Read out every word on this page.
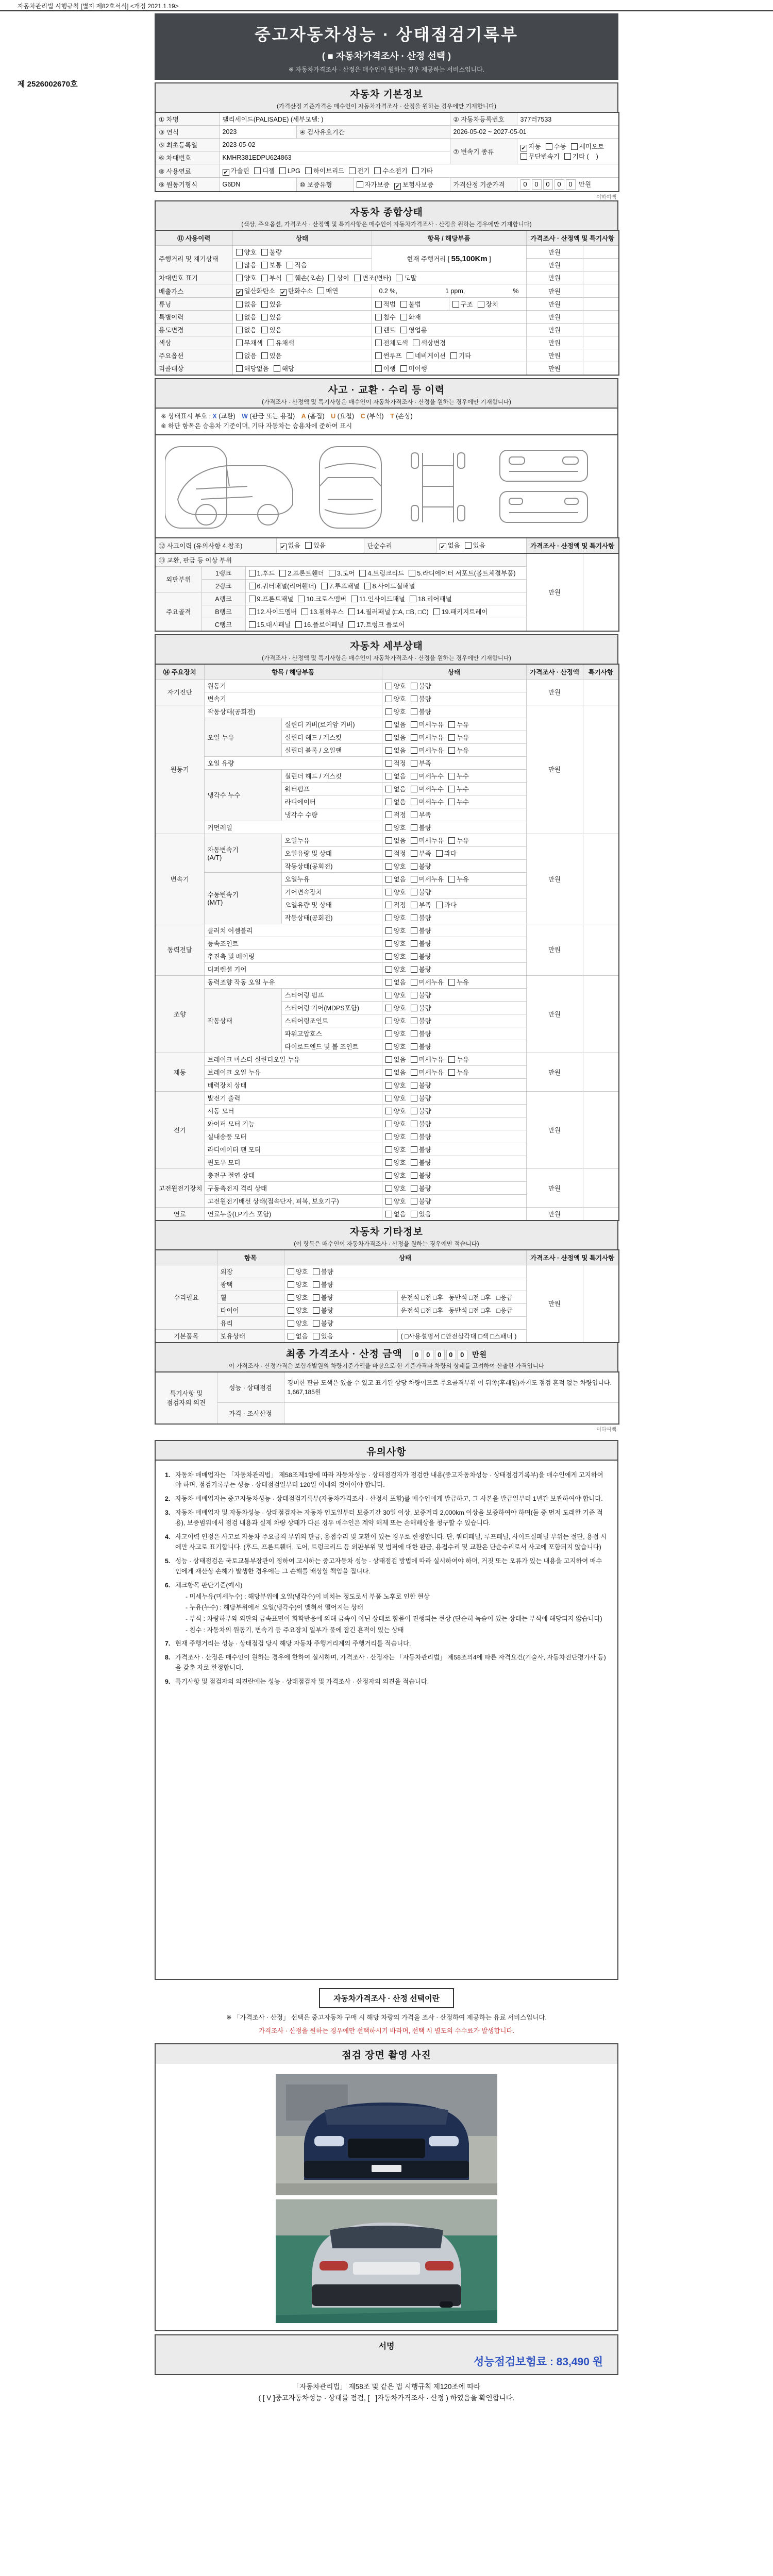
자동차관리법 시행규칙 [별지 제82호서식] <개정 2021.1.19>
제 2526002670호
중고자동차성능 · 상태점검기록부
( ■ 자동차가격조사 · 산정 선택 )
※ 자동차가격조사 · 산정은 매수인이 원하는 경우 제공하는 서비스입니다.
자동차 기본정보
(가격산정 기준가격은 매수인이 자동차가격조사 · 산정을 원하는 경우에만 기재합니다)
① 차명	팰리세이드(PALISADE) (세부모델: )			② 자동차등록번호	377러7533
③ 연식	2023	④ 검사유효기간		2026-05-02 ~ 2027-05-01	
⑤ 최초등록일	2023-05-02			⑦ 변속기 종류	✔ 자동 수동 세미오토무단변속기 기타 (    )
⑥ 차대번호	KMHR381EDPU624863				
⑧ 사용연료	✔ 가솔린 디젤 LPG 하이브리드 전기 수소전기 기타				
⑨ 원동기형식	G6DN	⑩ 보증유형	자가보증 ✔ 보험사보증	가격산정 기준가격	0 0 0 0 0 만원
이하여백
자동차 종합상태
(색상, 주요옵션, 가격조사 · 산정액 및 특기사항은 매수인이 자동차가격조사 · 산정을 원하는 경우에만 기재합니다)
⑪ 사용이력	상태	항목 / 해당부품		가격조사 · 산정액 및 특기사항	
주행거리 및 계기상태	양호 불량	현재 주행거리 [ 55,100Km ]		만원	
	많음 보통 적음			만원	
차대번호 표기	양호 부식 훼손(오손) 상이 변조(변타) 도말			만원	
배출가스	✔ 일산화탄소 ✔ 탄화수소 매연	0.2 %, 1 ppm, %		만원	
튜닝	없음 있음	적법 불법	구조 장치	만원	
특별이력	없음 있음	침수 화재		만원	
용도변경	없음 있음	렌트 영업용		만원	
색상	무채색 유채색	전체도색 색상변경		만원	
주요옵션	없음 있음	썬루프 네비게이션 기타		만원	
리콜대상	해당없음 해당	이행 미이행		만원	
사고 · 교환 · 수리 등 이력
(가격조사 · 산정액 및 특기사항은 매수인이 자동차가격조사 · 산정을 원하는 경우에만 기재합니다)
※ 상태표시 부호 : X (교환) W (판금 또는 용접) A (흠집) U (요철) C (부식) T (손상)
※ 하단 항목은 승용차 기준이며, 기타 자동차는 승용차에 준하여 표시
⑫ 사고이력 (유의사항 4.참조)	✔ 없음 있음	단순수리	✔ 없음 있음	가격조사 · 산정액 및 특기사항
⑬ 교환, 판금 등 이상 부위			만원	
외판부위	1랭크	1.후드 2.프론트휀더 3.도어 4.트렁크리드 5.라디에이터 서포트(볼트체결부품)		
	2랭크	6.쿼터패널(리어휀더) 7.루프패널 8.사이드실패널		
주요골격	A랭크	9.프론트패널 10.크로스멤버 11.인사이드패널 18.리어패널		
	B랭크	12.사이드멤버 13.휠하우스 14.필러패널 (□A, □B, □C) 19.패키지트레이		
	C랭크	15.대시패널 16.플로어패널 17.트렁크 플로어		
자동차 세부상태
(가격조사 · 산정액 및 특기사항은 매수인이 자동차가격조사 · 산정을 원하는 경우에만 기재합니다)
⑭ 주요장치	항목 / 해당부품		상태	가격조사 · 산정액	특기사항
자기진단	원동기		양호 불량	만원	
	변속기		양호 불량		
원동기	작동상태(공회전)		양호 불량	만원	
	오일 누유	실린더 커버(로커암 커버)	없음 미세누유 누유		
		실린더 헤드 / 개스킷	없음 미세누유 누유		
		실린더 블록 / 오일팬	없음 미세누유 누유		
	오일 유량		적정 부족		
	냉각수 누수	실린더 헤드 / 개스킷	없음 미세누수 누수		
		워터펌프	없음 미세누수 누수		
		라디에이터	없음 미세누수 누수		
		냉각수 수량	적정 부족		
	커먼레일		양호 불량		
변속기	자동변속기
(A/T)	오일누유	없음 미세누유 누유	만원	
		오일유량 및 상태	적정 부족 과다		
		작동상태(공회전)	양호 불량		
	수동변속기
(M/T)	오일누유	없음 미세누유 누유		
		기어변속장치	양호 불량		
		오일유량 및 상태	적정 부족 과다		
		작동상태(공회전)	양호 불량		
동력전달	클러치 어셈블리		양호 불량	만원	
	등속조인트		양호 불량		
	추진축 및 베어링		양호 불량		
	디퍼렌셜 기어		양호 불량		
조향	동력조향 작동 오일 누유		없음 미세누유 누유	만원	
	작동상태	스티어링 펌프	양호 불량		
		스티어링 기어(MDPS포함)	양호 불량		
		스티어링조인트	양호 불량		
		파워고압호스	양호 불량		
		타이로드엔드 및 볼 조인트	양호 불량		
제동	브레이크 마스터 실린더오일 누유		없음 미세누유 누유	만원	
	브레이크 오일 누유		없음 미세누유 누유		
	배력장치 상태		양호 불량		
전기	발전기 출력		양호 불량	만원	
	시동 모터		양호 불량		
	와이퍼 모터 기능		양호 불량		
	실내송풍 모터		양호 불량		
	라디에이터 팬 모터		양호 불량		
	윈도우 모터		양호 불량		
고전원전기장치	충전구 절연 상태		양호 불량	만원	
	구동축전지 격리 상태		양호 불량		
	고전원전기배선 상태(접속단자, 피복, 보호기구)		양호 불량		
연료	연료누출(LP가스 포함)		없음 있음	만원	
자동차 기타정보
(이 항목은 매수인이 자동차가격조사 · 산정을 원하는 경우에만 적습니다)
	항목	상태		가격조사 · 산정액 및 특기사항	
수리필요	외장	양호 불량		만원	
	광택	양호 불량			
	휠	양호 불량	운전석 □전 □후   동반석 □전 □후   □응급		
	타이어	양호 불량	운전석 □전 □후   동반석 □전 □후   □응급		
	유리	양호 불량			
기본품목	보유상태	없음 있음	( □사용설명서 □안전삼각대 □잭 □스패너 )		
최종 가격조사 · 산정 금액 0 0 0 0 0 만원
이 가격조사 · 산정가격은 보험개발원의 차량기준가액을 바탕으로 한 기준가격과 차량의 상태를 고려하여 산출한 가격입니다
특기사항 및 점검자의 의견	성능 · 상태점검	경미한 판금 도색은 있을 수 있고 표기된 상당 차량이므로 주요골격부위 이 뒤쪽(후레임)까지도 점검 흔적 없는 차량입니다. 1,667,185원
	가격 · 조사산정	
이하여백
유의사항
1. 자동차 매매업자는 「자동차관리법」 제58조제1항에 따라 자동차성능 · 상태점검자가 점검한 내용(중고자동차성능 · 상태점검기록부)을 매수인에게 고지하여야 하며, 점검기록부는 성능 · 상태점검일부터 120일 이내의 것이어야 합니다.
2. 자동차 매매업자는 중고자동차성능 · 상태점검기록부(자동차가격조사 · 산정서 포함)를 매수인에게 발급하고, 그 사본을 발급일부터 1년간 보관하여야 합니다.
3. 자동차 매매업자 및 자동차성능 · 상태점검자는 자동차 인도일부터 보증기간 30일 이상, 보증거리 2,000km 이상을 보증하여야 하며(둘 중 먼저 도래한 기준 적용), 보증범위에서 점검 내용과 실제 차량 상태가 다른 경우 매수인은 계약 해제 또는 손해배상을 청구할 수 있습니다.
4. 사고이력 인정은 사고로 자동차 주요골격 부위의 판금, 용접수리 및 교환이 있는 경우로 한정합니다. 단, 쿼터패널, 루프패널, 사이드실패널 부위는 절단, 용접 시에만 사고로 표기합니다. (후드, 프론트휀더, 도어, 트렁크리드 등 외판부위 및 범퍼에 대한 판금, 용접수리 및 교환은 단순수리로서 사고에 포함되지 않습니다)
5. 성능 · 상태점검은 국토교통부장관이 정하여 고시하는 중고자동차 성능 · 상태점검 방법에 따라 실시하여야 하며, 거짓 또는 오류가 있는 내용을 고지하여 매수인에게 재산상 손해가 발생한 경우에는 그 손해를 배상할 책임을 집니다.
6. 체크항목 판단기준(예시)
- 미세누유(미세누수) : 해당부위에 오일(냉각수)이 비치는 정도로서 부품 노후로 인한 현상
- 누유(누수) : 해당부위에서 오일(냉각수)이 맺혀서 떨어지는 상태
- 부식 : 차량하부와 외판의 금속표면이 화학반응에 의해 금속이 아닌 상태로 함몰이 진행되는 현상 (단순히 녹슬어 있는 상태는 부식에 해당되지 않습니다)
- 침수 : 자동차의 원동기, 변속기 등 주요장치 일부가 물에 잠긴 흔적이 있는 상태
7. 현재 주행거리는 성능 · 상태점검 당시 해당 자동차 주행거리계의 주행거리를 적습니다.
8. 가격조사 · 산정은 매수인이 원하는 경우에 한하여 실시하며, 가격조사 · 산정자는 「자동차관리법」 제58조의4에 따른 자격요건(기술사, 자동차진단평가사 등)을 갖춘 자로 한정합니다.
9. 특기사항 및 점검자의 의견란에는 성능 · 상태점검자 및 가격조사 · 산정자의 의견을 적습니다.
자동차가격조사 · 산정 선택이란
※ 「가격조사 · 산정」 선택은 중고자동차 구매 시 해당 차량의 가격을 조사 · 산정하여 제공하는 유료 서비스입니다.
가격조사 · 산정을 원하는 경우에만 선택하시기 바라며, 선택 시 별도의 수수료가 발생합니다.
점검 장면 촬영 사진
서명
성능점검보험료 : 83,490 원
「자동차관리법」 제58조 및 같은 법 시행규칙 제120조에 따라
( [ V ]중고자동차성능 · 상태를 점검, [   ]자동차가격조사 · 산정 ) 하였음을 확인합니다.
